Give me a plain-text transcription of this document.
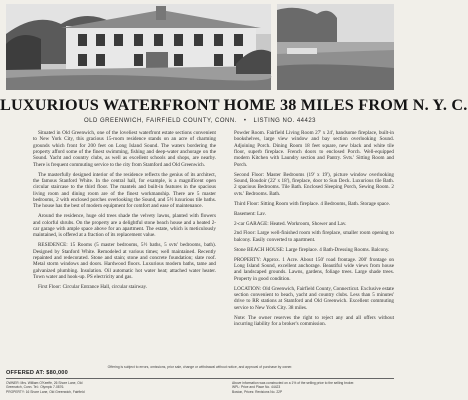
LUXURIOUS WATERFRONT HOME 38 MILES FROM N. Y. C.
OLD GREENWICH, FAIRFIELD COUNTY, CONN. • LISTING NO. 44423

Situated in Old Greenwich, one of the loveliest waterfront estate sections convenient to New York City, this gracious 15-room residence stands on an acre of charming grounds which front for 200 feet on Long Island Sound. The waters bordering the property afford some of the finest swimming, fishing and deep-water anchorage on the Sound. Yacht and country clubs, as well as excellent schools and shops, are nearby. There is frequent commuting service to the city from Stamford and Old Greenwich.

The masterfully designed interior of the residence reflects the genius of its architect, the famous Stanford White. In the central hall, for example, is a magnificent open circular staircase to the third floor. The mantels and built-in features in the spacious living room and dining room are of the finest workmanship. There are 5 master bedrooms, 2 with enclosed porches overlooking the Sound, and 5½ luxurious tile baths. The house has the best of modern equipment for comfort and ease of maintenance.

Around the residence, huge old trees shade the velvety lawns, planted with flowers and colorful shrubs. On the property are a delightful stone beach house and a heated 2-car garage with ample space above for an apartment. The estate, which is meticulously maintained, is offered at a fraction of its replacement value.

RESIDENCE: 15 Rooms (5 master bedrooms, 5½ baths, 5 svts' bedrooms, bath). Designed by Stanford White. Remodeled at various times; well maintained. Recently repainted and redecorated. Stone and stain; stone and concrete foundation; slate roof. Metal storm windows and doors. Hardwood floors. Luxurious modern baths, tame and galvanized plumbing. Insulation. Oil automatic hot water heat; attached water heater. Town water and hook-up. PS electricity and gas.

First Floor: Circular Entrance Hall, circular stairway.

Powder Room. Fairfield Living Room 27' x 24', handsome fireplace, built-in bookshelves, large view window and bay section overlooking Sound. Adjoining Porch. Dining Room 18 feet square, new black and white tile floor, superb fireplace. French doors to enclosed Porch. Well-equipped modern Kitchen with Laundry section and Pantry. Svts.' Sitting Room and Porch.

Second Floor: Master Bedrooms (19' x 19'), picture window overlooking Sound, Boudoir (22' x 18'), fireplace, door to Sun Deck. Luxurious tile Bath. 2 spacious Bedrooms. Tile Bath. Enclosed Sleeping Porch, Sewing Room. 2 svts.' Bedrooms. Bath.

Third Floor: Sitting Room with fireplace. 4 Bedrooms, Bath. Storage space.

Basement: Lav.

2-car GARAGE: Heated. Workroom, Shower and Lav.

2nd Floor: Large well-finished room with fireplace, smaller room opening to balcony. Easily converted to apartment.

Stone BEACH HOUSE: Large fireplace. 4 Bath-Dressing Rooms. Balcony.

PROPERTY: Approx. 1 Acre. About 150' road frontage. 200' frontage on Long Island Sound, excellent anchorage. Beautiful wide views from house and landscaped grounds. Lawns, gardens, foliage trees. Large shade trees. Property in good condition.

LOCATION: Old Greenwich, Fairfield County, Connecticut. Exclusive estate section convenient to beach, yacht and country clubs. Less than 5 minutes' drive to RR stations at Stamford and Old Greenwich. Excellent commuting service to New York City. 38 miles.

Note: The owner reserves the right to reject any and all offers without incurring liability for a broker's commission.

Offering is subject to errors, omissions, prior sale, change or withdrawal without notice, and approval of purchase by owner.
OFFERED AT: $80,000
OWNER: Mrs. William O'Keeffe, 26 Shore Lane, Old
Greenwich, Conn. Tel.: Olympic 7-0876.
PROPERTY: 16 Shore Lane, Old Greenwich, Fairfield
Above information was constructed on a 1% of the selling price to the selling broker.
WPL: Price and Place No. 44423
Boston, Prices: Revisions No. 22P
